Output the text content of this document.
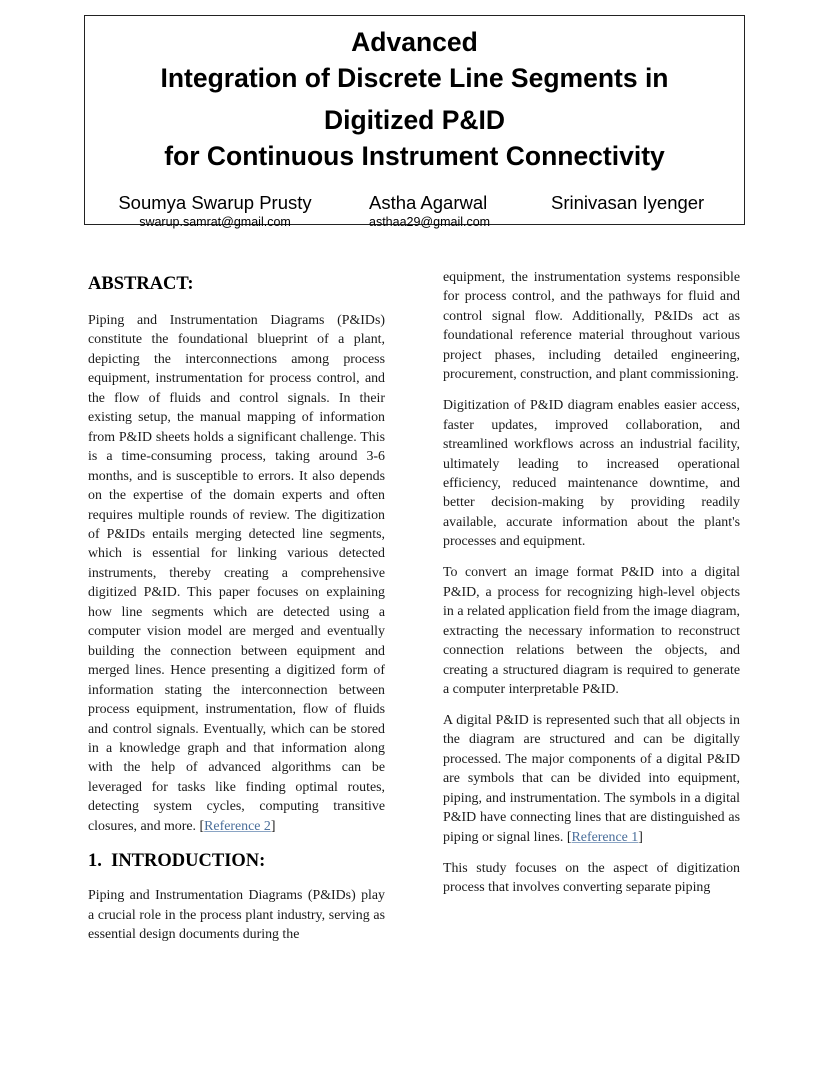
Advanced
Integration of Discrete Line Segments in
Digitized P&ID
for Continuous Instrument Connectivity
Soumya Swarup Prusty
swarup.samrat@gmail.com
Astha Agarwal
asthaa29@gmail.com
Srinivasan Iyenger
ABSTRACT:

Piping and Instrumentation Diagrams (P&IDs) constitute the foundational blueprint of a plant, depicting the interconnections among process equipment, instrumentation for process control, and the flow of fluids and control signals. In their existing setup, the manual mapping of information from P&ID sheets holds a significant challenge. This is a time-consuming process, taking around 3-6 months, and is susceptible to errors. It also depends on the expertise of the domain experts and often requires multiple rounds of review. The digitization of P&IDs entails merging detected line segments, which is essential for linking various detected instruments, thereby creating a comprehensive digitized P&ID. This paper focuses on explaining how line segments which are detected using a computer vision model are merged and eventually building the connection between equipment and merged lines. Hence presenting a digitized form of information stating the interconnection between process equipment, instrumentation, flow of fluids and control signals. Eventually, which can be stored in a knowledge graph and that information along with the help of advanced algorithms can be leveraged for tasks like finding optimal routes, detecting system cycles, computing transitive closures, and more. [Reference 2]

1.  INTRODUCTION:

Piping and Instrumentation Diagrams (P&IDs) play a crucial role in the process plant industry, serving as essential design documents during the

equipment, the instrumentation systems responsible for process control, and the pathways for fluid and control signal flow. Additionally, P&IDs act as foundational reference material throughout various project phases, including detailed engineering, procurement, construction, and plant commissioning.

Digitization of P&ID diagram enables easier access, faster updates, improved collaboration, and streamlined workflows across an industrial facility, ultimately leading to increased operational efficiency, reduced maintenance downtime, and better decision-making by providing readily available, accurate information about the plant's processes and equipment.

To convert an image format P&ID into a digital P&ID, a process for recognizing high-level objects in a related application field from the image diagram, extracting the necessary information to reconstruct connection relations between the objects, and creating a structured diagram is required to generate a computer interpretable P&ID.

A digital P&ID is represented such that all objects in the diagram are structured and can be digitally processed. The major components of a digital P&ID are symbols that can be divided into equipment, piping, and instrumentation. The symbols in a digital P&ID have connecting lines that are distinguished as piping or signal lines. [Reference 1]

This study focuses on the aspect of digitization process that involves converting separate piping
